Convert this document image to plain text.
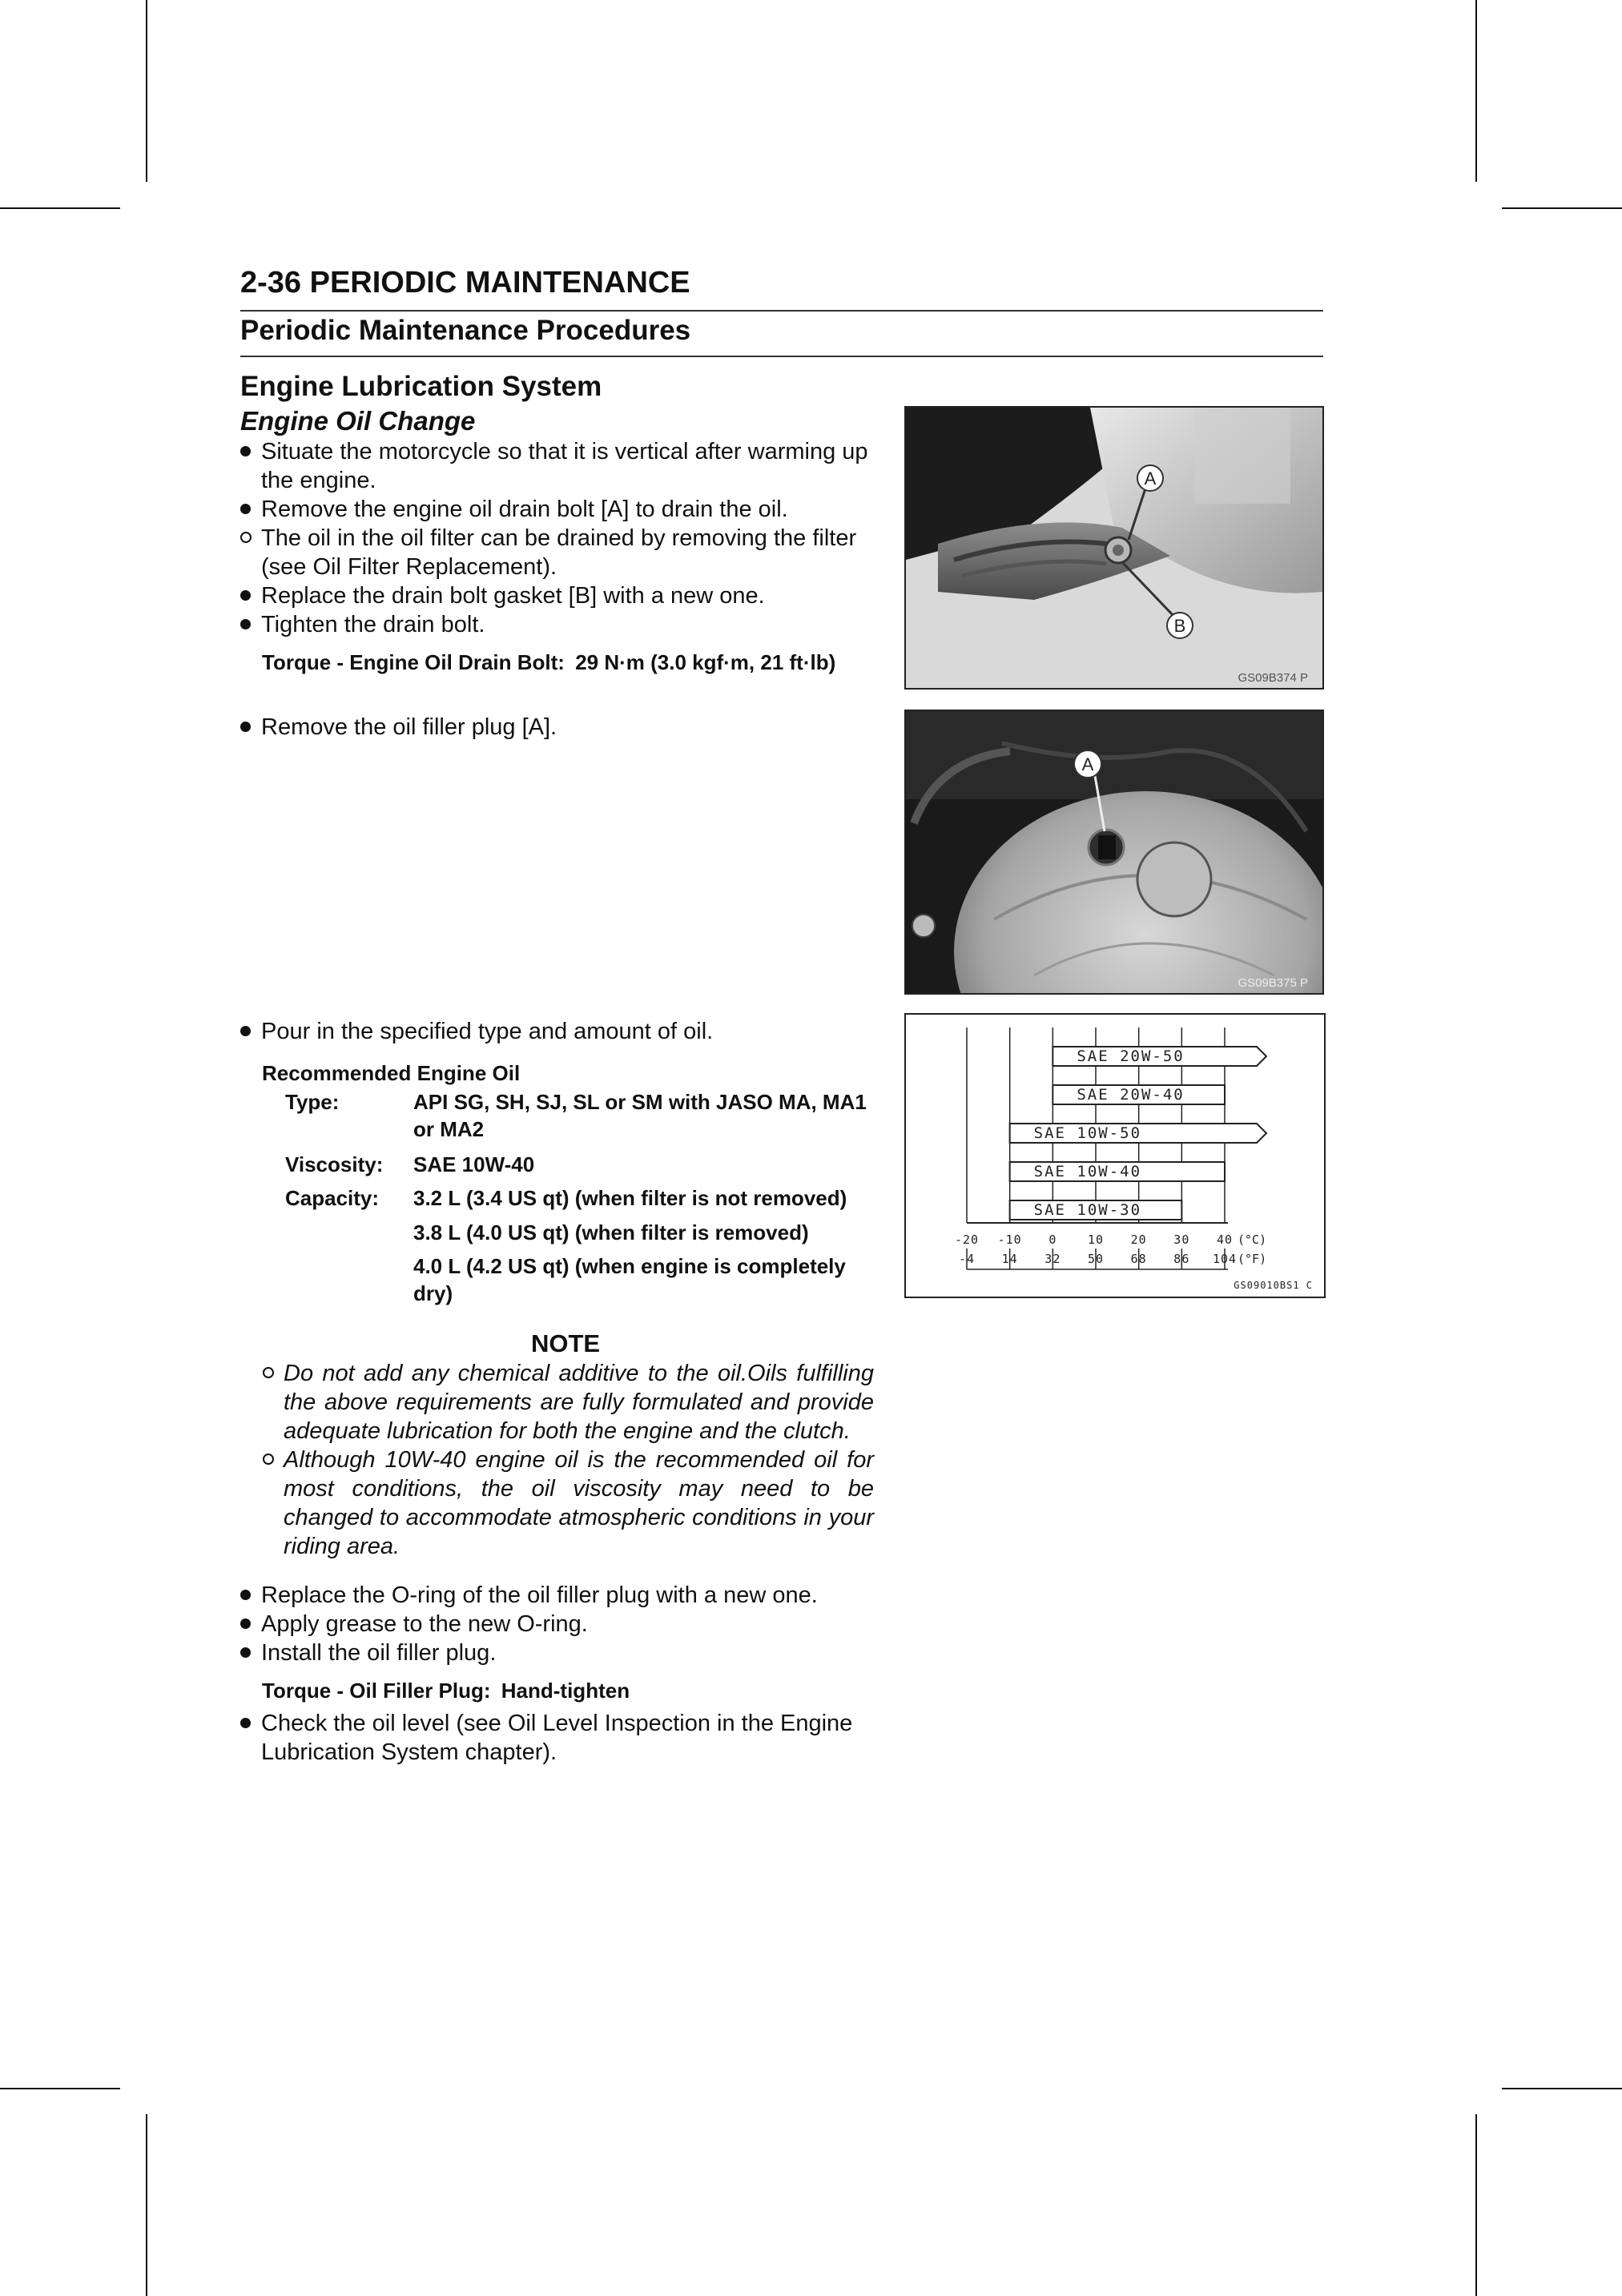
2-36 PERIODIC MAINTENANCE
Periodic Maintenance Procedures
Engine Lubrication System
Engine Oil Change
Situate the motorcycle so that it is vertical after warming up the engine.
Remove the engine oil drain bolt [A] to drain the oil.
The oil in the oil filter can be drained by removing the filter (see Oil Filter Replacement).
Replace the drain bolt gasket [B] with a new one.
Tighten the drain bolt.
Torque - Engine Oil Drain Bolt: 29 N·m (3.0 kgf·m, 21 ft·lb)
A
B
GS09B374 P
Remove the oil filler plug [A].
A
GS09B375 P
Pour in the specified type and amount of oil.
Recommended Engine Oil
Type:	API SG, SH, SJ, SL or SM with JASO MA, MA1 or MA2
Viscosity: SAE 10W-40
Capacity: 3.2 L (3.4 US qt) (when filter is not removed)
3.8 L (4.0 US qt) (when filter is removed)
4.0 L (4.2 US qt) (when engine is completely dry)
NOTE
Do not add any chemical additive to the oil.Oils fulfilling the above requirements are fully formulated and provide adequate lubrication for both the engine and the clutch.
Although 10W-40 engine oil is the recommended oil for most conditions, the oil viscosity may need to be changed to accommodate atmospheric conditions in your riding area.
Replace the O-ring of the oil filler plug with a new one.
Apply grease to the new O-ring.
Install the oil filler plug.
Torque - Oil Filler Plug: Hand-tighten
Check the oil level (see Oil Level Inspection in the Engine Lubrication System chapter).
SAE 20W-50
SAE 20W-40
SAE 10W-50
SAE 10W-40
SAE 10W-30
-20 -10 0	10 20 30 40 (°C)
-4 14 32 50 68 86 104 (°F)
GS09010BS1 C
